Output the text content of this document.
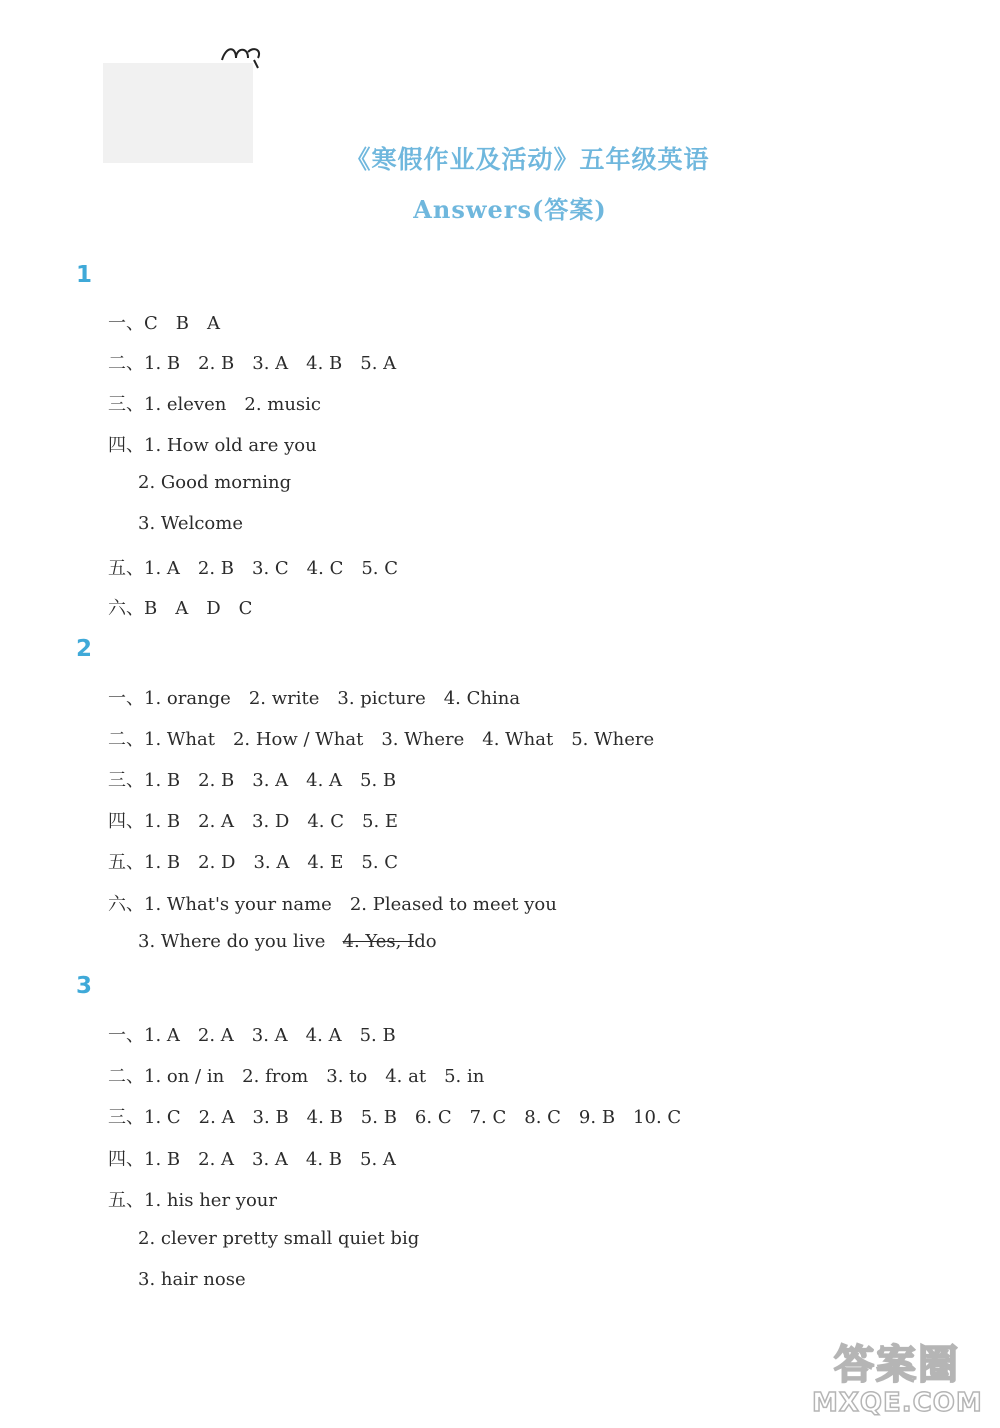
《寒假作业及活动》五年级英语
Answers(答案)
1
一、C　B　A
二、1. B　2. B　3. A　4. B　5. A
三、1. eleven　2. music
四、1. How old are you
2. Good morning
3. Welcome
五、1. A　2. B　3. C　4. C　5. C
六、B　A　D　C
2
一、1. orange　2. write　3. picture　4. China
二、1. What　2. How / What　3. Where　4. What　5. Where
三、1. B　2. B　3. A　4. A　5. B
四、1. B　2. A　3. D　4. C　5. E
五、1. B　2. D　3. A　4. E　5. C
六、1. What's your name　2. Pleased to meet you
3. Where do you live 4. Yes, Ido
3
一、1. A　2. A　3. A　4. A　5. B
二、1. on / in　2. from　3. to　4. at　5. in
三、1. C　2. A　3. B　4. B　5. B　6. C　7. C　8. C　9. B　10. C
四、1. B　2. A　3. A　4. B　5. A
五、1. his her your
2. clever pretty small quiet big
3. hair nose
答案圈
MXQE.COM
